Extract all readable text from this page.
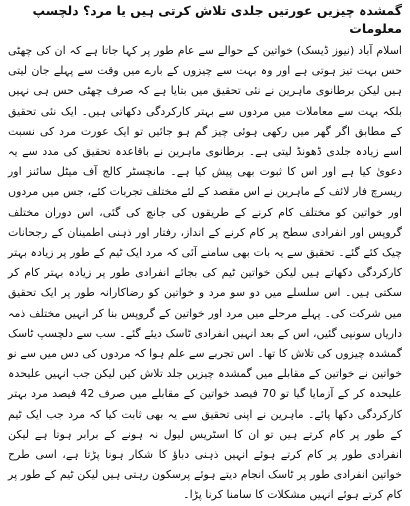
گمشدہ چیزیں عورتیں جلدی تلاش کرتی ہیں یا مرد؟ دلچسپ معلومات

اسلام آباد (نیوز ڈیسک) خواتین کے حوالے سے عام طور پر کہا جاتا ہے کہ ان کی چھٹی حس بہت تیز ہوتی ہے اور وہ بہت سے چیزوں کے بارے میں وقت سے پہلے جان لیتی ہیں لیکن برطانوی ماہرین نے نئی تحقیق میں بتایا ہے کہ صرف چھٹی حس ہی نہیں بلکہ بہت سے معاملات میں مردوں سے بہتر کارکردگی دکھاتی ہیں۔ ایک نئی تحقیق کے مطابق اگر گھر میں رکھی ہوئی چیز گم ہو جائیں تو ایک عورت مرد کی نسبت اسے زیادہ جلدی ڈھونڈ لیتی ہے۔ برطانوی ماہرین نے باقاعدہ تحقیق کی مدد سے یہ دعویٰ کیا ہے اور اس کا ثبوت بھی پیش کیا ہے۔ مانچسٹر کالج آف میٹل سائنز اور ریسرچ فار لائف کے ماہرین نے اس مقصد کے لئے مختلف تجربات کئے، جس میں مردوں اور خواتین کو مختلف کام کرنے کے طریقوں کی جانچ کی گئی، اس دوران مختلف گروپس اور انفرادی سطح پر کام کرنے کے انداز، رفتار اور ذہنی اطمینان کے رجحانات چیک کئے گئے۔ تحقیق سے یہ بات بھی سامنے آئی کہ مرد ایک ٹیم کے طور پر زیادہ بہتر کارکردگی دکھاتے ہیں لیکن خواتین ٹیم کی بجائے انفرادی طور پر زیادہ بہتر کام کر سکتی ہیں۔ اس سلسلے میں دو سو مرد و خواتین کو رضاکارانہ طور پر ایک تحقیق میں شرکت کی۔ پہلے مرحلے میں مرد اور خواتین کے گروپس بنا کر انہیں مختلف ذمہ داریاں سونپی گئیں، اس کے بعد انہیں انفرادی ٹاسک دیئے گئے۔ سب سے دلچسپ ٹاسک گمشدہ چیزوں کی تلاش کا تھا۔ اس تجربے سے علم ہوا کہ مردوں کی دس میں سے نو خواتین نے خواتین کے مقابلے میں گمشدہ چیزیں جلد تلاش کیں لیکن جب انہیں علیحدہ علیحدہ کر کے آزمایا گیا تو 70 فیصد خواتین کے مقابلے میں صرف 42 فیصد مرد بہتر کارکردگی دکھا پائے۔ ماہرین نے اپنی تحقیق سے یہ بھی ثابت کیا کہ مرد جب ایک ٹیم کے طور پر کام کرتے ہیں تو ان کا اسٹریس لیول نہ ہونے کے برابر ہوتا ہے لیکن انفرادی طور پر کام کرتے ہوئے انہیں ذہنی دباؤ کا شکار ہونا پڑتا ہے، اسی طرح خواتین انفرادی طور پر ٹاسک انجام دیتے ہوئے پرسکون رہتی ہیں لیکن ٹیم کے طور پر کام کرتے ہوئے انہیں مشکلات کا سامنا کرنا پڑا۔
